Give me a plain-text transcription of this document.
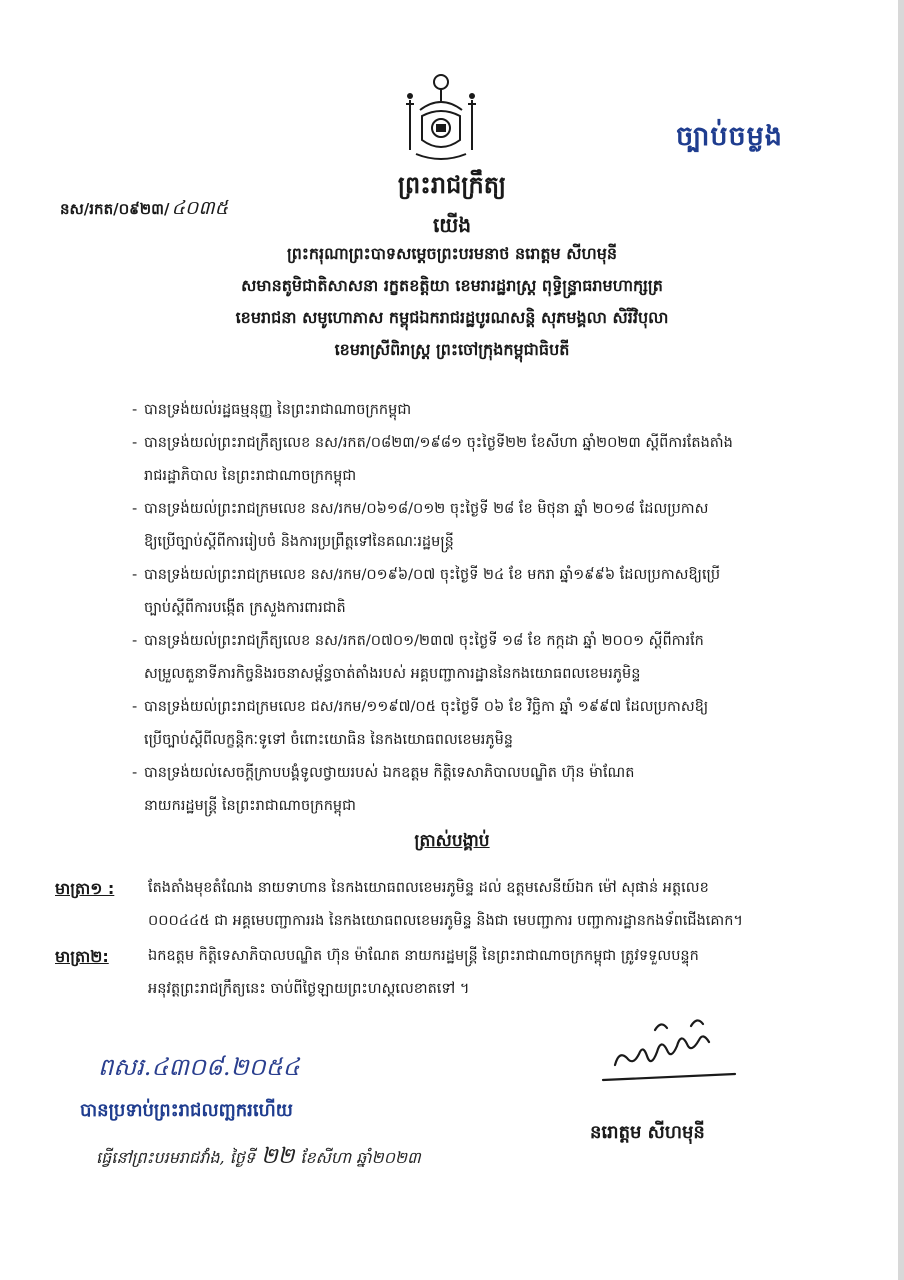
ច្បាប់ចម្លង
ព្រះរាជក្រឹត្យ
នស/រកត/០៩២៣/ ៤០៣៥
យើង
ព្រះករុណាព្រះបាទសម្តេចព្រះបរមនាថ នរោត្តម សីហមុនី
សមានតូមិជាតិសាសនា រក្ខតខត្តិយា ខេមរារដ្ឋរាស្ត្រ ពុទ្ធិន្ទ្រាធរាមហាក្សត្រ
ខេមរាជនា សមូហោភាស កម្ពុជឯករាជរដ្ឋបូរណសន្តិ សុភមង្គលា សិរីវិបុលា
ខេមរាស្រីពិរាស្ត្រ ព្រះចៅក្រុងកម្ពុជាធិបតី
- បានទ្រង់យល់រដ្ឋធម្មនុញ្ញ នៃព្រះរាជាណាចក្រកម្ពុជា
- បានទ្រង់យល់ព្រះរាជក្រឹត្យលេខ នស/រកត/០៨២៣/១៩៨១ ចុះថ្ងៃទី២២ ខែសីហា ឆ្នាំ២០២៣ ស្តីពីការតែងតាំង
រាជរដ្ឋាភិបាល នៃព្រះរាជាណាចក្រកម្ពុជា
- បានទ្រង់យល់ព្រះរាជក្រមលេខ នស/រកម/០៦១៨/០១២ ចុះថ្ងៃទី ២៨ ខែ មិថុនា ឆ្នាំ ២០១៨ ដែលប្រកាស
ឱ្យប្រើច្បាប់ស្តីពីការរៀបចំ និងការប្រព្រឹត្តទៅនៃគណៈរដ្ឋមន្ត្រី
- បានទ្រង់យល់ព្រះរាជក្រមលេខ នស/រកម/០១៩៦/០៧ ចុះថ្ងៃទី ២៤ ខែ មករា ឆ្នាំ១៩៩៦ ដែលប្រកាសឱ្យប្រើ
ច្បាប់ស្តីពីការបង្កើត ក្រសួងការពារជាតិ
- បានទ្រង់យល់ព្រះរាជក្រឹត្យលេខ នស/រកត/០៧០១/២៣៧ ចុះថ្ងៃទី ១៨ ខែ កក្កដា ឆ្នាំ ២០០១ ស្តីពីការកែ
សម្រួលតួនាទីភារកិច្ចនិងរចនាសម្ព័ន្ធចាត់តាំងរបស់ អគ្គបញ្ជាការដ្ឋាននៃកងយោធពលខេមរភូមិន្ទ
- បានទ្រង់យល់ព្រះរាជក្រមលេខ ជស/រកម/១១៩៧/០៥ ចុះថ្ងៃទី ០៦ ខែ វិច្ឆិកា ឆ្នាំ ១៩៩៧ ដែលប្រកាសឱ្យ
ប្រើច្បាប់ស្តីពីលក្ខន្តិកៈទូទៅ ចំពោះយោធិន នៃកងយោធពលខេមរភូមិន្ទ
- បានទ្រង់យល់សេចក្តីក្រាបបង្គំទូលថ្វាយរបស់ ឯកឧត្តម កិត្តិទេសាភិបាលបណ្ឌិត ហ៊ុន ម៉ាណែត
នាយករដ្ឋមន្ត្រី នៃព្រះរាជាណាចក្រកម្ពុជា
ត្រាស់បង្គាប់
មាត្រា១ : តែងតាំងមុខតំណែង នាយទាហាន នៃកងយោធពលខេមរភូមិន្ទ ដល់ ឧត្តមសេនីយ៍ឯក ម៉ៅ សុផាន់ អត្តលេខ
០០០៤៤៥ ជា អគ្គមេបញ្ជាការរង នៃកងយោធពលខេមរភូមិន្ទ និងជា មេបញ្ជាការ បញ្ជាការដ្ឋានកងទ័ពជើងគោក។
មាត្រា២:	ឯកឧត្តម កិត្តិទេសាភិបាលបណ្ឌិត ហ៊ុន ម៉ាណែត នាយករដ្ឋមន្ត្រី នៃព្រះរាជាណាចក្រកម្ពុជា ត្រូវទទួលបន្ទុក
អនុវត្តព្រះរាជក្រឹត្យនេះ ចាប់ពីថ្ងៃឡាយព្រះហស្តលេខាតទៅ ។
ពសរ.៤៣០៨.២០៥៤
បានប្រទាប់ព្រះរាជលញ្ឆករហើយ
ធ្វើនៅព្រះបរមរាជវាំង, ថ្ងៃទី ២២ ខែសីហា ឆ្នាំ២០២៣
នរោត្តម សីហមុនី
